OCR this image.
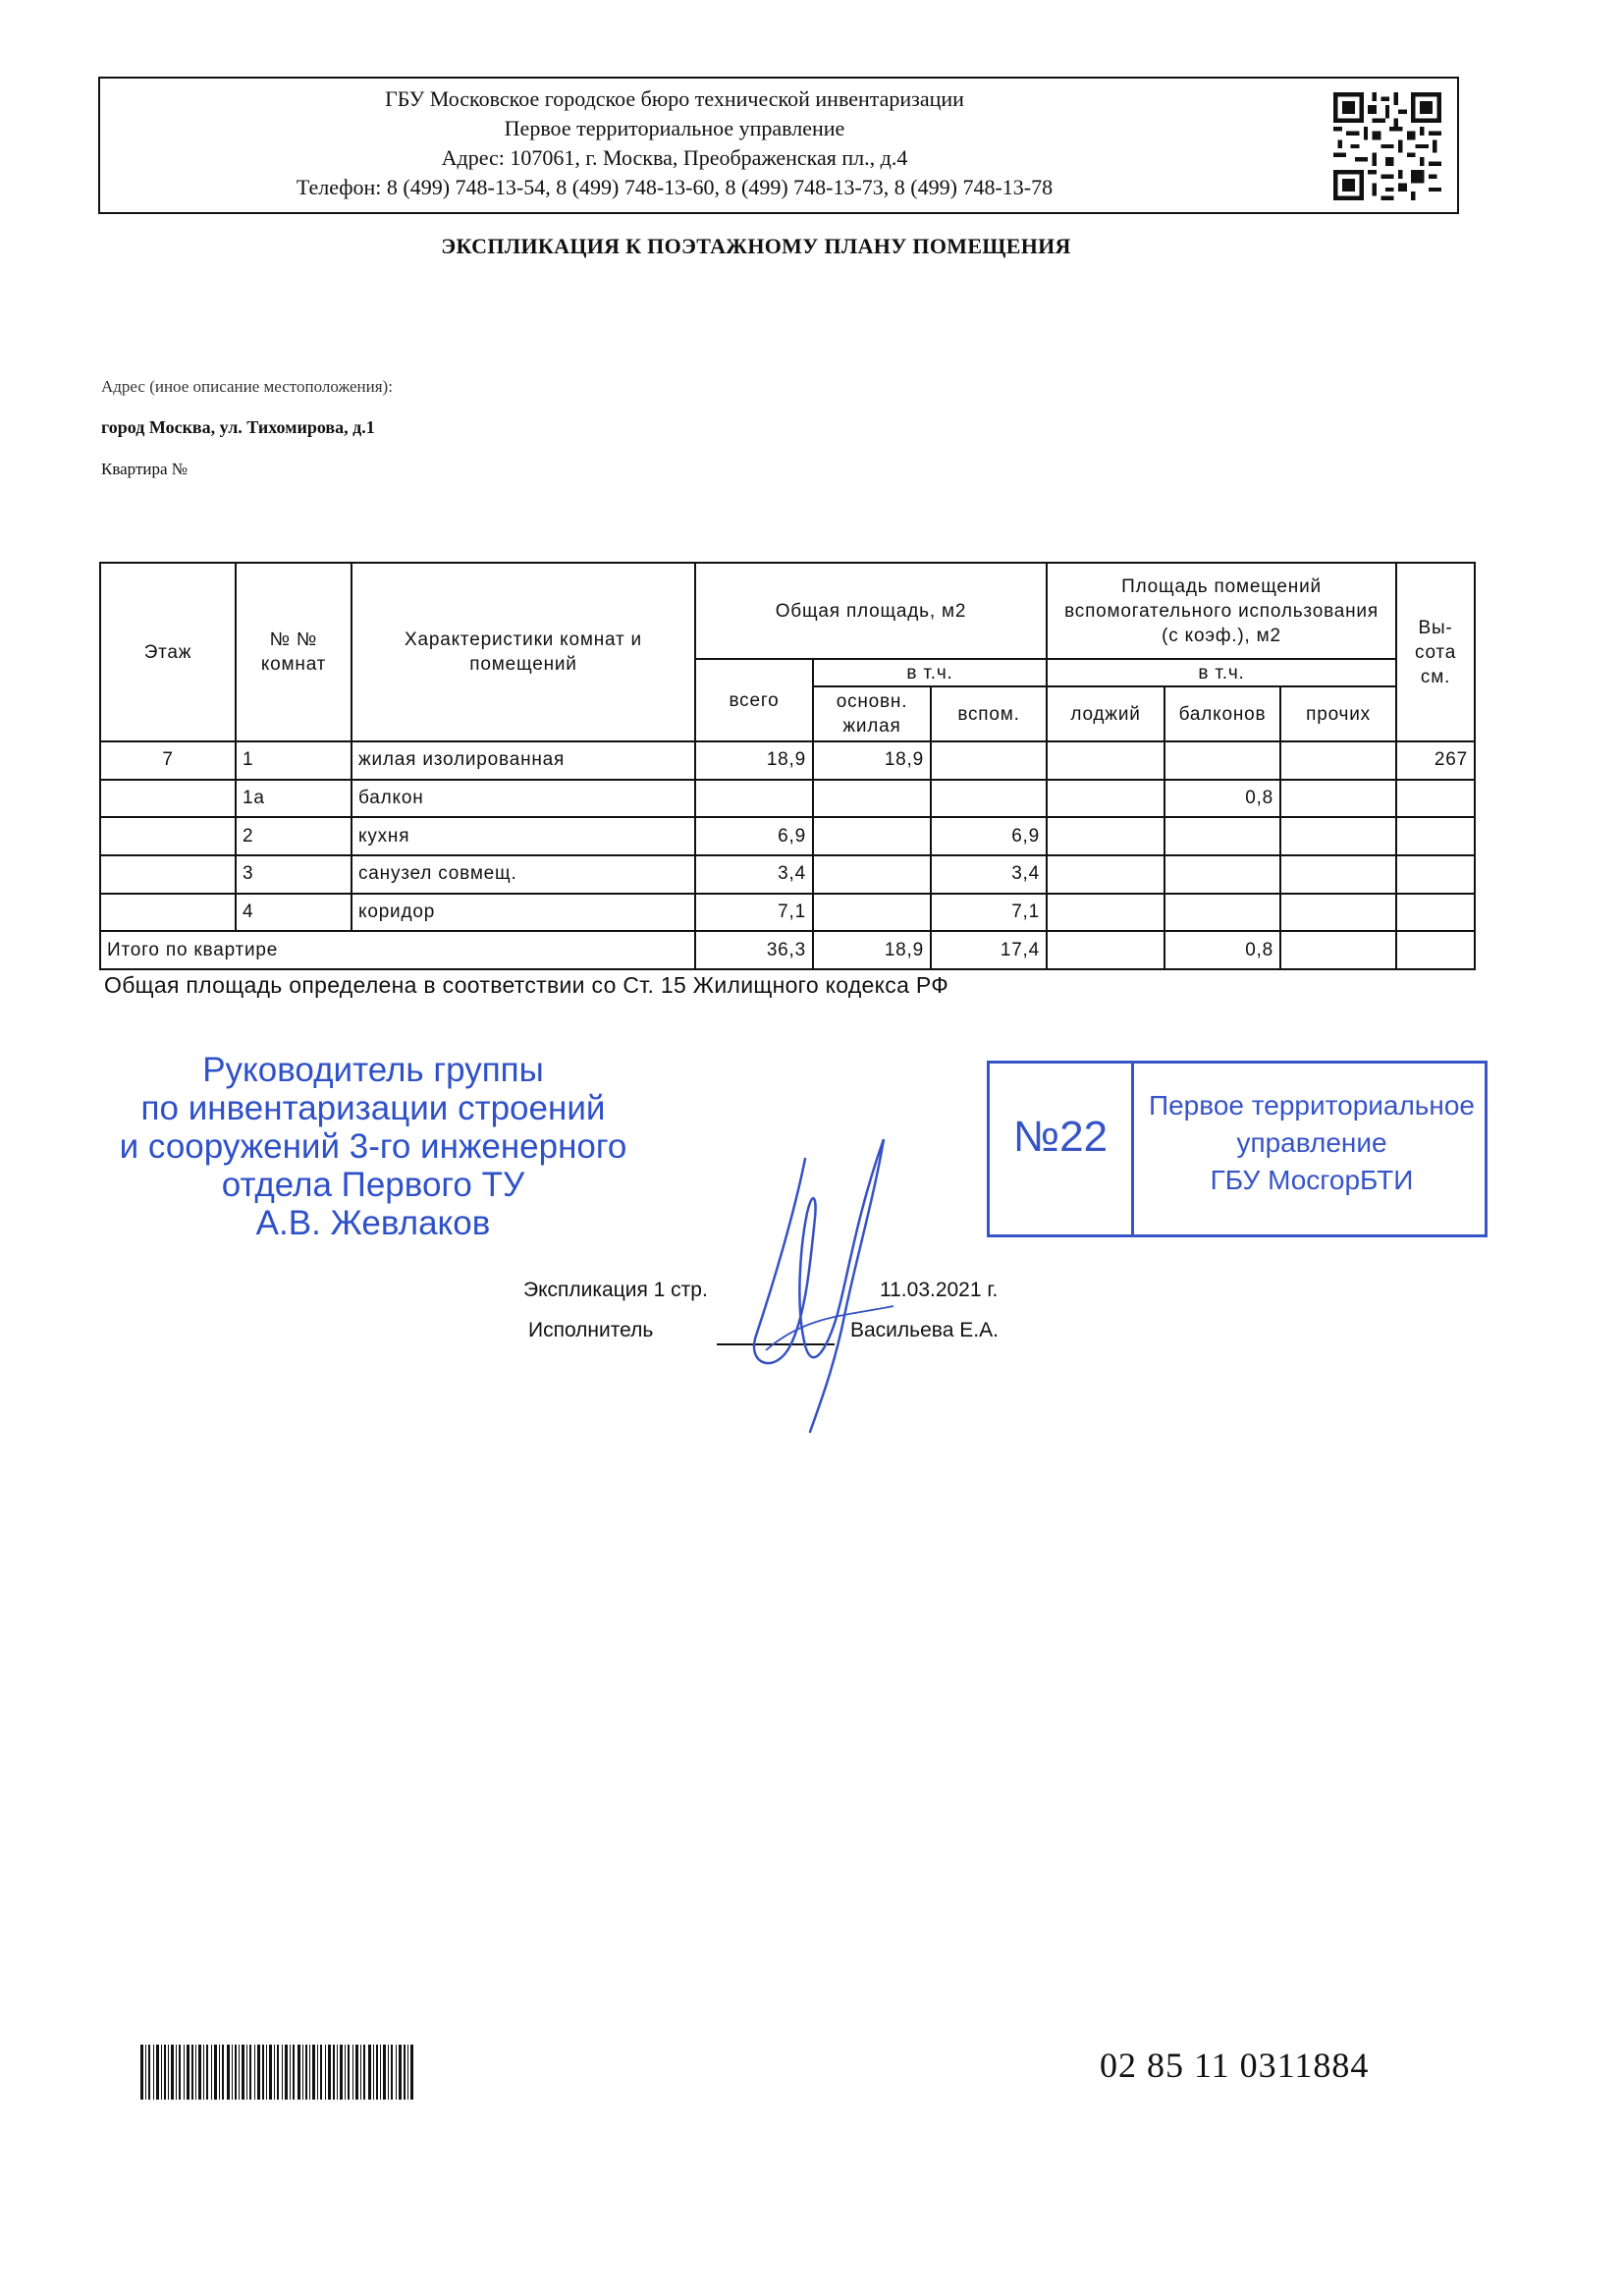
ГБУ Московское городское бюро технической инвентаризации
Первое территориальное управление
Адрес: 107061, г. Москва, Преображенская пл., д.4
Телефон: 8 (499) 748-13-54, 8 (499) 748-13-60, 8 (499) 748-13-73, 8 (499) 748-13-78
ЭКСПЛИКАЦИЯ К ПОЭТАЖНОМУ ПЛАНУ ПОМЕЩЕНИЯ
Адрес (иное описание местоположения):
город Москва, ул. Тихомирова, д.1
Квартира №
Этаж	№ № комнат	Характеристики комнат и помещений	Общая площадь, м2			Площадь помещений вспомогательного использования (с коэф.), м2			Вы-сота см.
			всего	в т.ч.		в т.ч.			
				основн. жилая	вспом.	лоджий	балконов	прочих	
7	1	жилая изолированная	18,9	18,9					267
	1а	балкон					0,8		
	2	кухня	6,9		6,9				
	3	санузел совмещ.	3,4		3,4				
	4	коридор	7,1		7,1				
Итого по квартире			36,3	18,9	17,4		0,8		
Общая площадь определена в соответствии со Ст. 15 Жилищного кодекса РФ
Руководитель группы
по инвентаризации строений
и сооружений 3-го инженерного
отдела Первого ТУ
А.В. Жевлаков
№22
Первое территориальное
управление
ГБУ МосгорБТИ
Экспликация 1 стр.	11.03.2021 г.
Исполнитель	Васильева Е.А.
02 85 11 0311884
